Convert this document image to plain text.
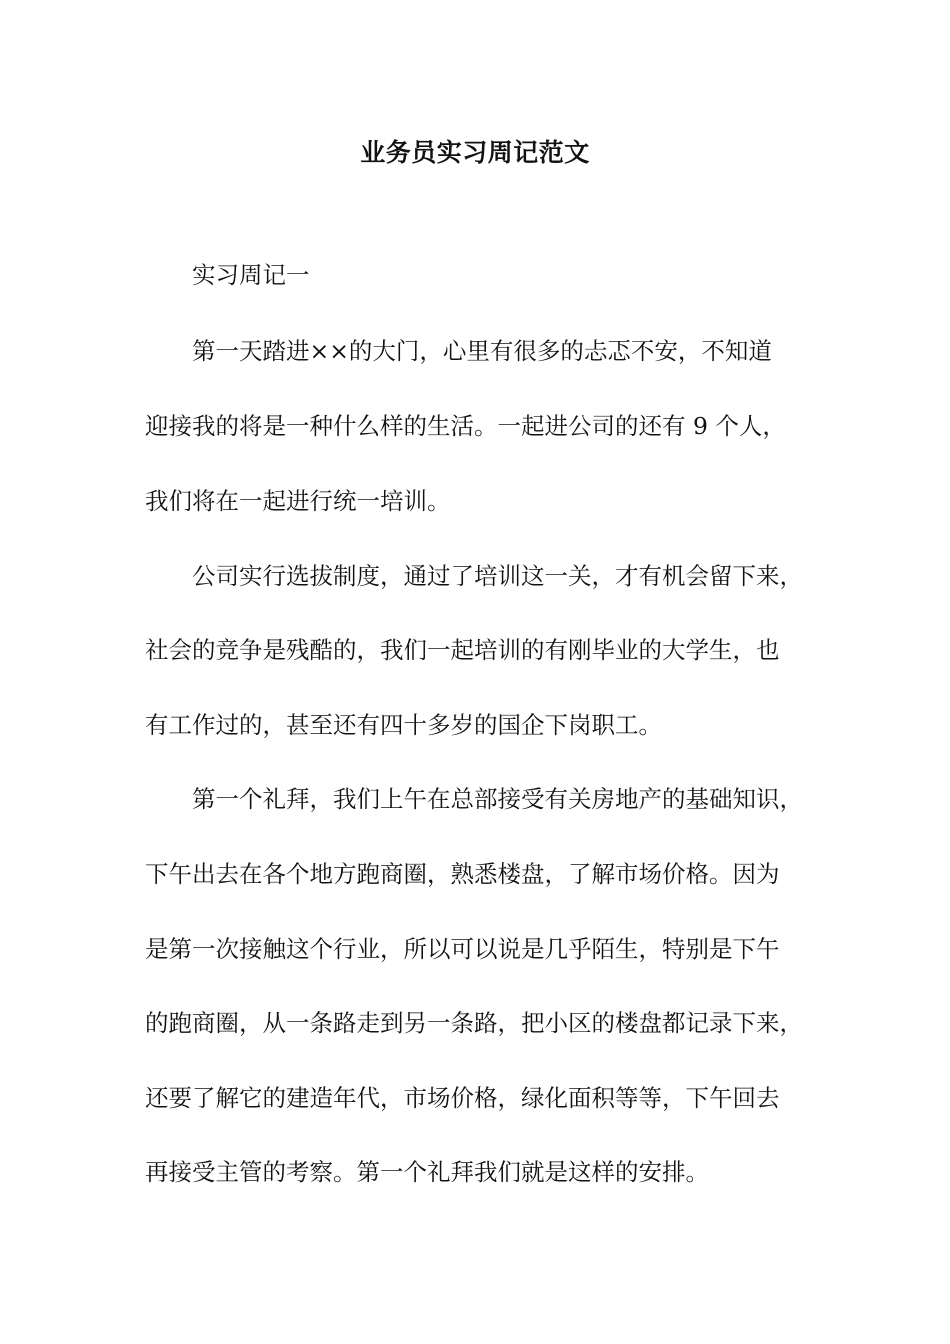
业务员实习周记范文
实习周记一
第一天踏进××的大门，心里有很多的忐忑不安，不知道
迎接我的将是一种什么样的生活。一起进公司的还有 9 个人，
我们将在一起进行统一培训。
公司实行选拔制度，通过了培训这一关，才有机会留下来，
社会的竞争是残酷的，我们一起培训的有刚毕业的大学生，也
有工作过的，甚至还有四十多岁的国企下岗职工。
第一个礼拜，我们上午在总部接受有关房地产的基础知识，
下午出去在各个地方跑商圈，熟悉楼盘，了解市场价格。因为
是第一次接触这个行业，所以可以说是几乎陌生，特别是下午
的跑商圈，从一条路走到另一条路，把小区的楼盘都记录下来，
还要了解它的建造年代，市场价格，绿化面积等等，下午回去
再接受主管的考察。第一个礼拜我们就是这样的安排。
